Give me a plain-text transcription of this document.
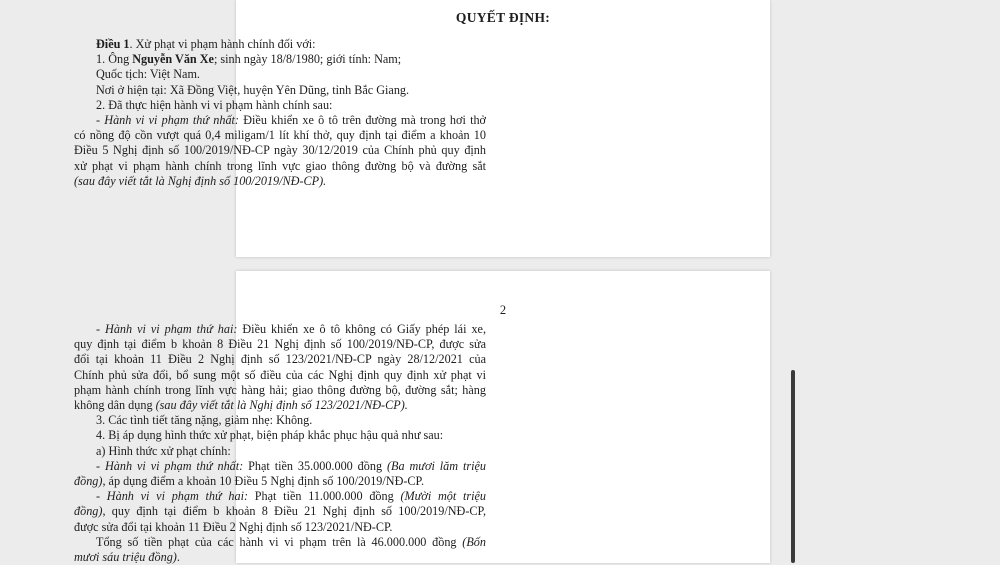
QUYẾT ĐỊNH:
Điều 1. Xử phạt vi phạm hành chính đối với:
1. Ông Nguyễn Văn Xe; sinh ngày 18/8/1980; giới tính: Nam;
Quốc tịch: Việt Nam.
Nơi ở hiện tại: Xã Đồng Việt, huyện Yên Dũng, tỉnh Bắc Giang.
2. Đã thực hiện hành vi vi phạm hành chính sau:
- Hành vi vi phạm thứ nhất: Điều khiển xe ô tô trên đường mà trong hơi thở
có nồng độ cồn vượt quá 0,4 miligam/1 lít khí thở, quy định tại điểm a khoản 10
Điều 5 Nghị định số 100/2019/NĐ-CP ngày 30/12/2019 của Chính phủ quy định
xử phạt vi phạm hành chính trong lĩnh vực giao thông đường bộ và đường sắt
(sau đây viết tắt là Nghị định số 100/2019/NĐ-CP).
2
- Hành vi vi phạm thứ hai: Điều khiển xe ô tô không có Giấy phép lái xe,
quy định tại điểm b khoản 8 Điều 21 Nghị định số 100/2019/NĐ-CP, được sửa
đổi tại khoản 11 Điều 2 Nghị định số 123/2021/NĐ-CP ngày 28/12/2021 của
Chính phủ sửa đổi, bổ sung một số điều của các Nghị định quy định xử phạt vi
phạm hành chính trong lĩnh vực hàng hải; giao thông đường bộ, đường sắt; hàng
không dân dụng (sau đây viết tắt là Nghị định số 123/2021/NĐ-CP).
3. Các tình tiết tăng nặng, giảm nhẹ: Không.
4. Bị áp dụng hình thức xử phạt, biện pháp khắc phục hậu quả như sau:
a) Hình thức xử phạt chính:
- Hành vi vi phạm thứ nhất: Phạt tiền 35.000.000 đồng (Ba mươi lăm triệu
đồng), áp dụng điểm a khoản 10 Điều 5 Nghị định số 100/2019/NĐ-CP.
- Hành vi vi phạm thứ hai: Phạt tiền 11.000.000 đồng (Mười một triệu
đồng), quy định tại điểm b khoản 8 Điều 21 Nghị định số 100/2019/NĐ-CP,
được sửa đổi tại khoản 11 Điều 2 Nghị định số 123/2021/NĐ-CP.
Tổng số tiền phạt của các hành vi vi phạm trên là 46.000.000 đồng (Bốn
mươi sáu triệu đồng).
